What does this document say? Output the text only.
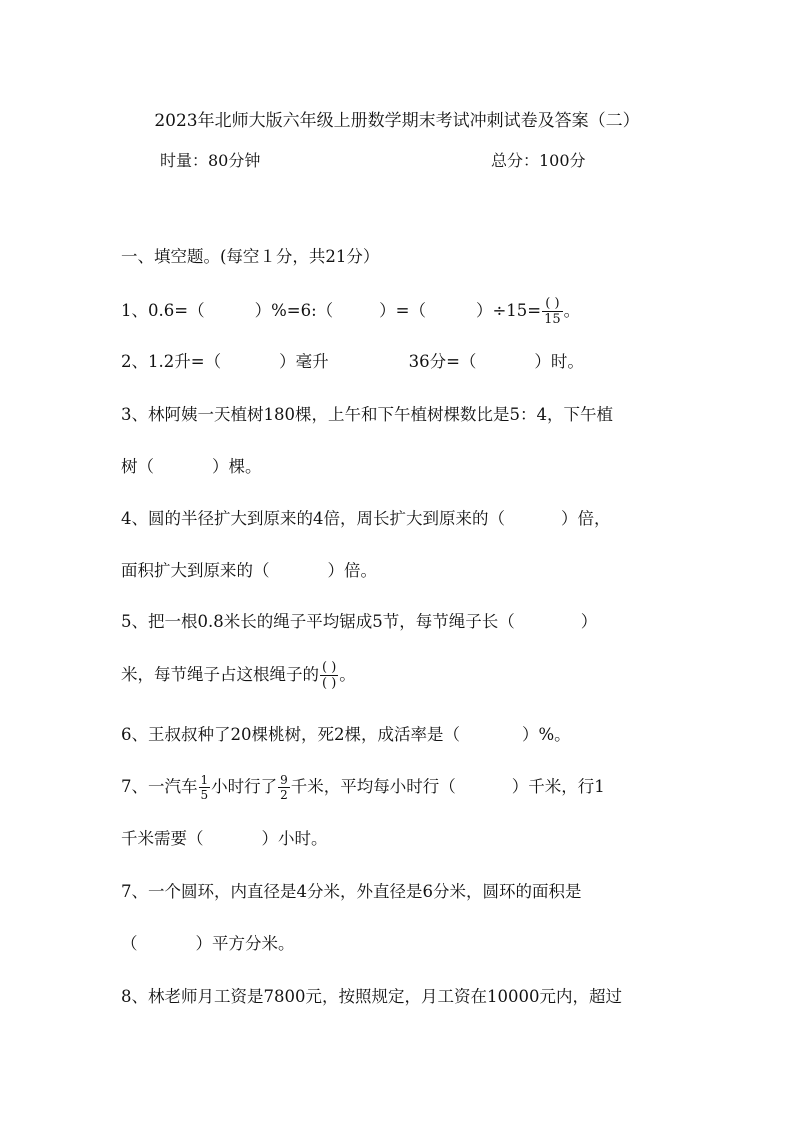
2023年北师大版六年级上册数学期末考试冲刺试卷及答案（二）
时量：80分钟	总分：100分
一、填空题。(每空１分，共21分）
1、0.6=（	）%=6:（	）=（	）$\div 15= \frac{( )}{15}$ 。
2、1.2升=（	）毫升	36分=（	）时。
3、林阿姨一天植树180棵，上午和下午植树棵数比是5：4，下午植
树（	）棵。
4、圆的半径扩大到原来的4倍，周长扩大到原来的（	）倍，
面积扩大到原来的（	）倍。
5、把一根0.8米长的绳子平均锯成5节，每节绳子长（	）
米，每节绳子占这根绳子的 $\frac{( )}{( )}$ 。
6、王叔叔种了20棵桃树，死2棵，成活率是（	）%。
7、一汽车 $\frac{1}{5}$ 小时行了 $\frac{9}{2}$ 千米，平均每小时行（	）千米，行1
千米需要（	）小时。
7、一个圆环，内直径是4分米，外直径是6分米，圆环的面积是
（	）平方分米。
8、林老师月工资是7800元，按照规定，月工资在10000元内，超过
